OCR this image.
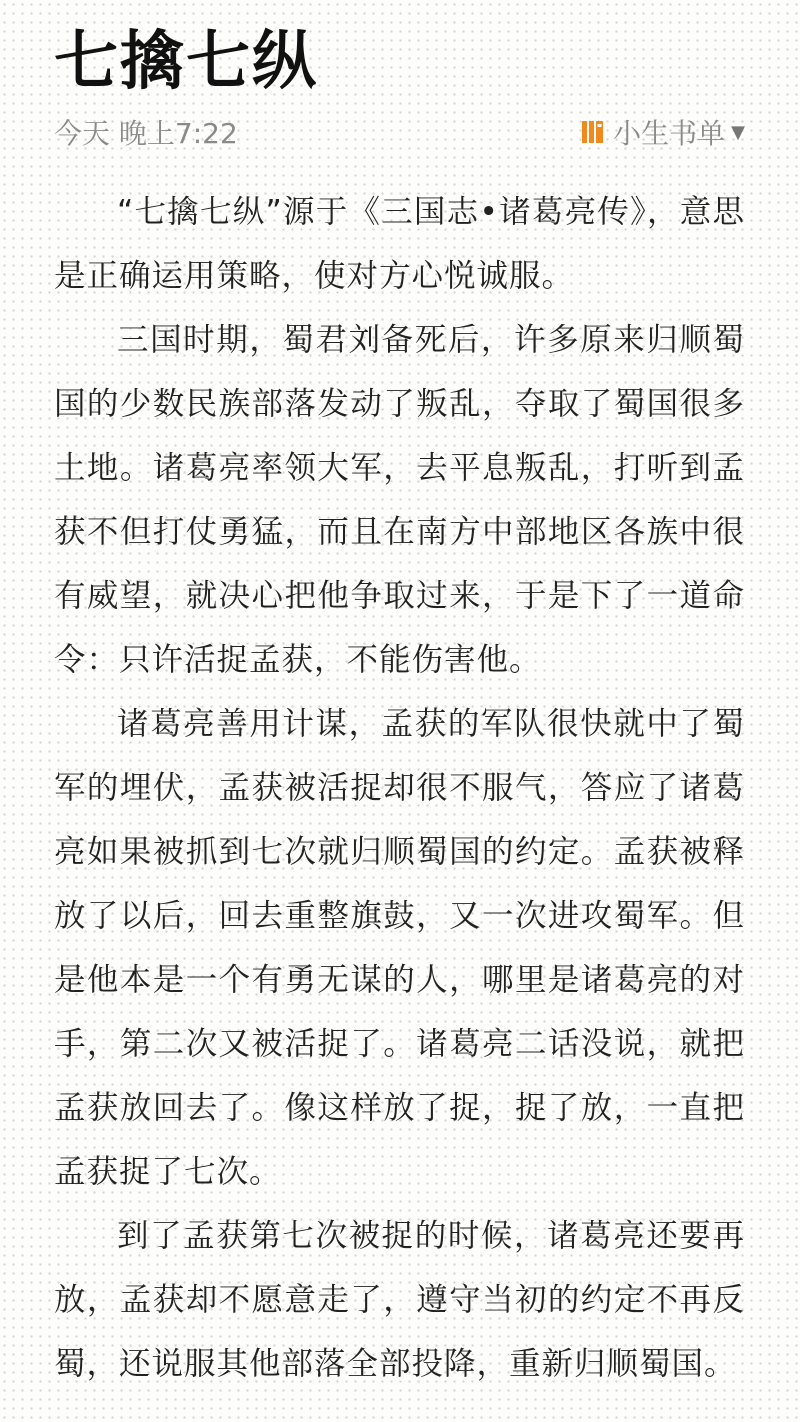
七擒七纵
今天 晚上7:22	小生书单 ▼

“七擒七纵”源于《三国志•诸葛亮传》，意思是正确运用策略，使对方心悦诚服。

三国时期，蜀君刘备死后，许多原来归顺蜀国的少数民族部落发动了叛乱，夺取了蜀国很多土地。诸葛亮率领大军，去平息叛乱，打听到孟获不但打仗勇猛，而且在南方中部地区各族中很有威望，就决心把他争取过来，于是下了一道命令：只许活捉孟获，不能伤害他。

诸葛亮善用计谋，孟获的军队很快就中了蜀军的埋伏，孟获被活捉却很不服气，答应了诸葛亮如果被抓到七次就归顺蜀国的约定。孟获被释放了以后，回去重整旗鼓，又一次进攻蜀军。但是他本是一个有勇无谋的人，哪里是诸葛亮的对手，第二次又被活捉了。诸葛亮二话没说，就把孟获放回去了。像这样放了捉，捉了放，一直把孟获捉了七次。

到了孟获第七次被捉的时候，诸葛亮还要再放，孟获却不愿意走了，遵守当初的约定不再反蜀，还说服其他部落全部投降，重新归顺蜀国。
